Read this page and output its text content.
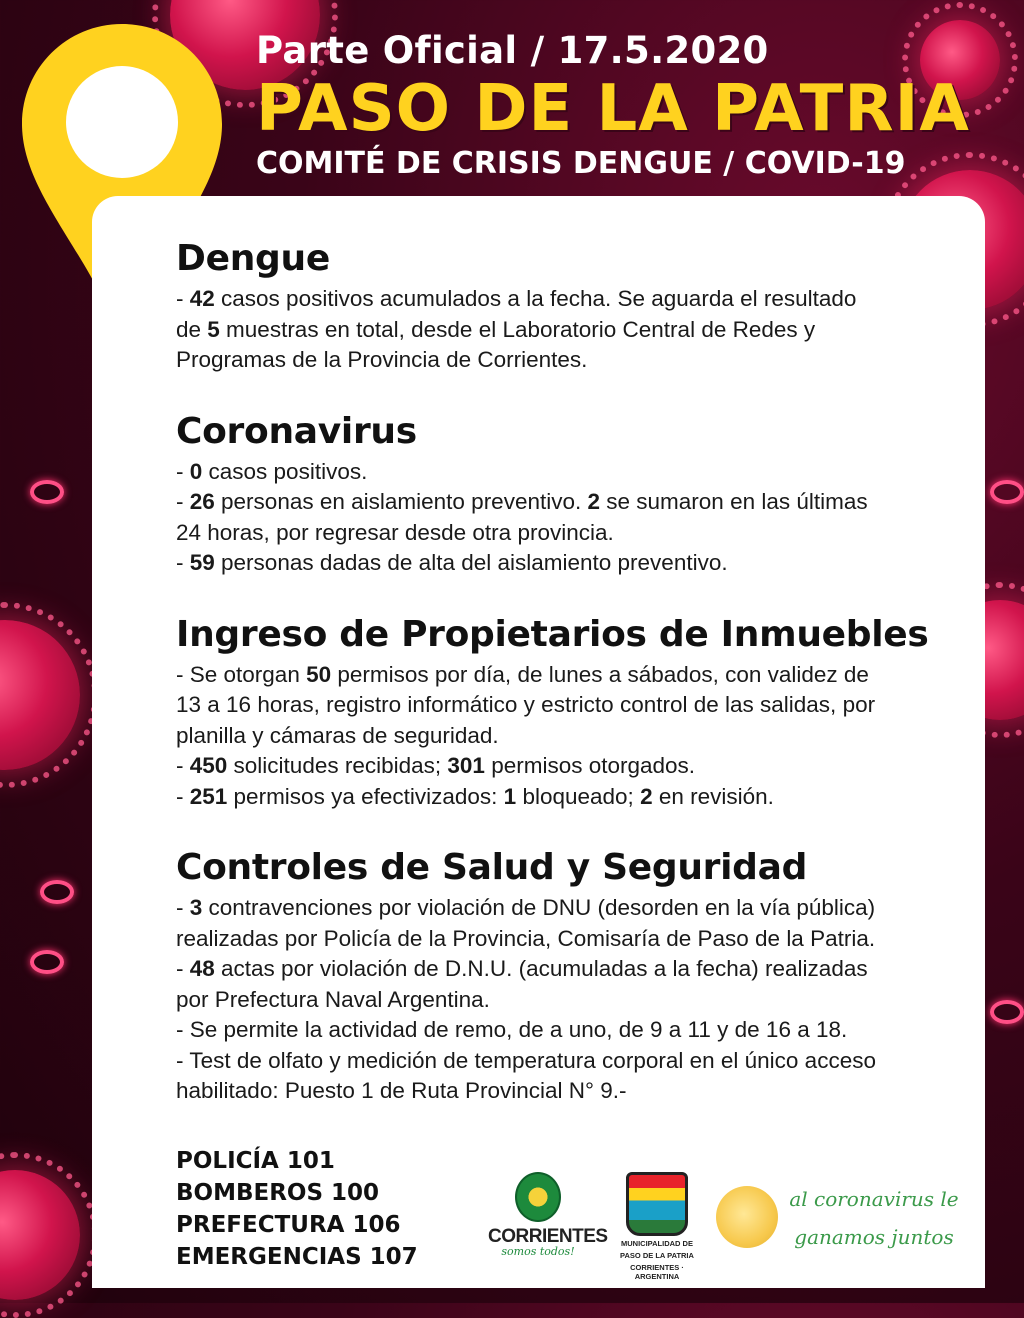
Parte Oficial / 17.5.2020

PASO DE LA PATRIA

COMITÉ DE CRISIS DENGUE / COVID-19

Dengue

- 42 casos positivos acumulados a la fecha. Se aguarda el resultado

de 5 muestras en total, desde el Laboratorio Central de Redes y

Programas de la Provincia de Corrientes.

Coronavirus

- 0 casos positivos.

- 26 personas en aislamiento preventivo. 2 se sumaron en las últimas

24 horas, por regresar desde otra provincia.

- 59 personas dadas de alta del aislamiento preventivo.

Ingreso de Propietarios de Inmuebles

- Se otorgan 50 permisos por día, de lunes a sábados, con validez de

13 a 16 horas, registro informático y estricto control de las salidas, por

planilla y cámaras de seguridad.

- 450 solicitudes recibidas; 301 permisos otorgados.

- 251 permisos ya efectivizados: 1 bloqueado; 2 en revisión.

Controles de Salud y Seguridad

- 3 contravenciones por violación de DNU (desorden en la vía pública)

realizadas por Policía de la Provincia, Comisaría de Paso de la Patria.

- 48 actas por violación de D.N.U. (acumuladas a la fecha) realizadas

por Prefectura Naval Argentina.

- Se permite la actividad de remo, de a uno, de 9 a 11 y de 16 a 18.

- Test de olfato y medición de temperatura corporal en el único acceso

habilitado: Puesto 1 de Ruta Provincial N° 9.-

POLICÍA 101

BOMBEROS 100

PREFECTURA 106

EMERGENCIAS 107

CORRIENTES
somos todos!
MUNICIPALIDAD DE
PASO DE LA PATRIA
CORRIENTES · ARGENTINA
al coronavirus le
ganamos juntos
